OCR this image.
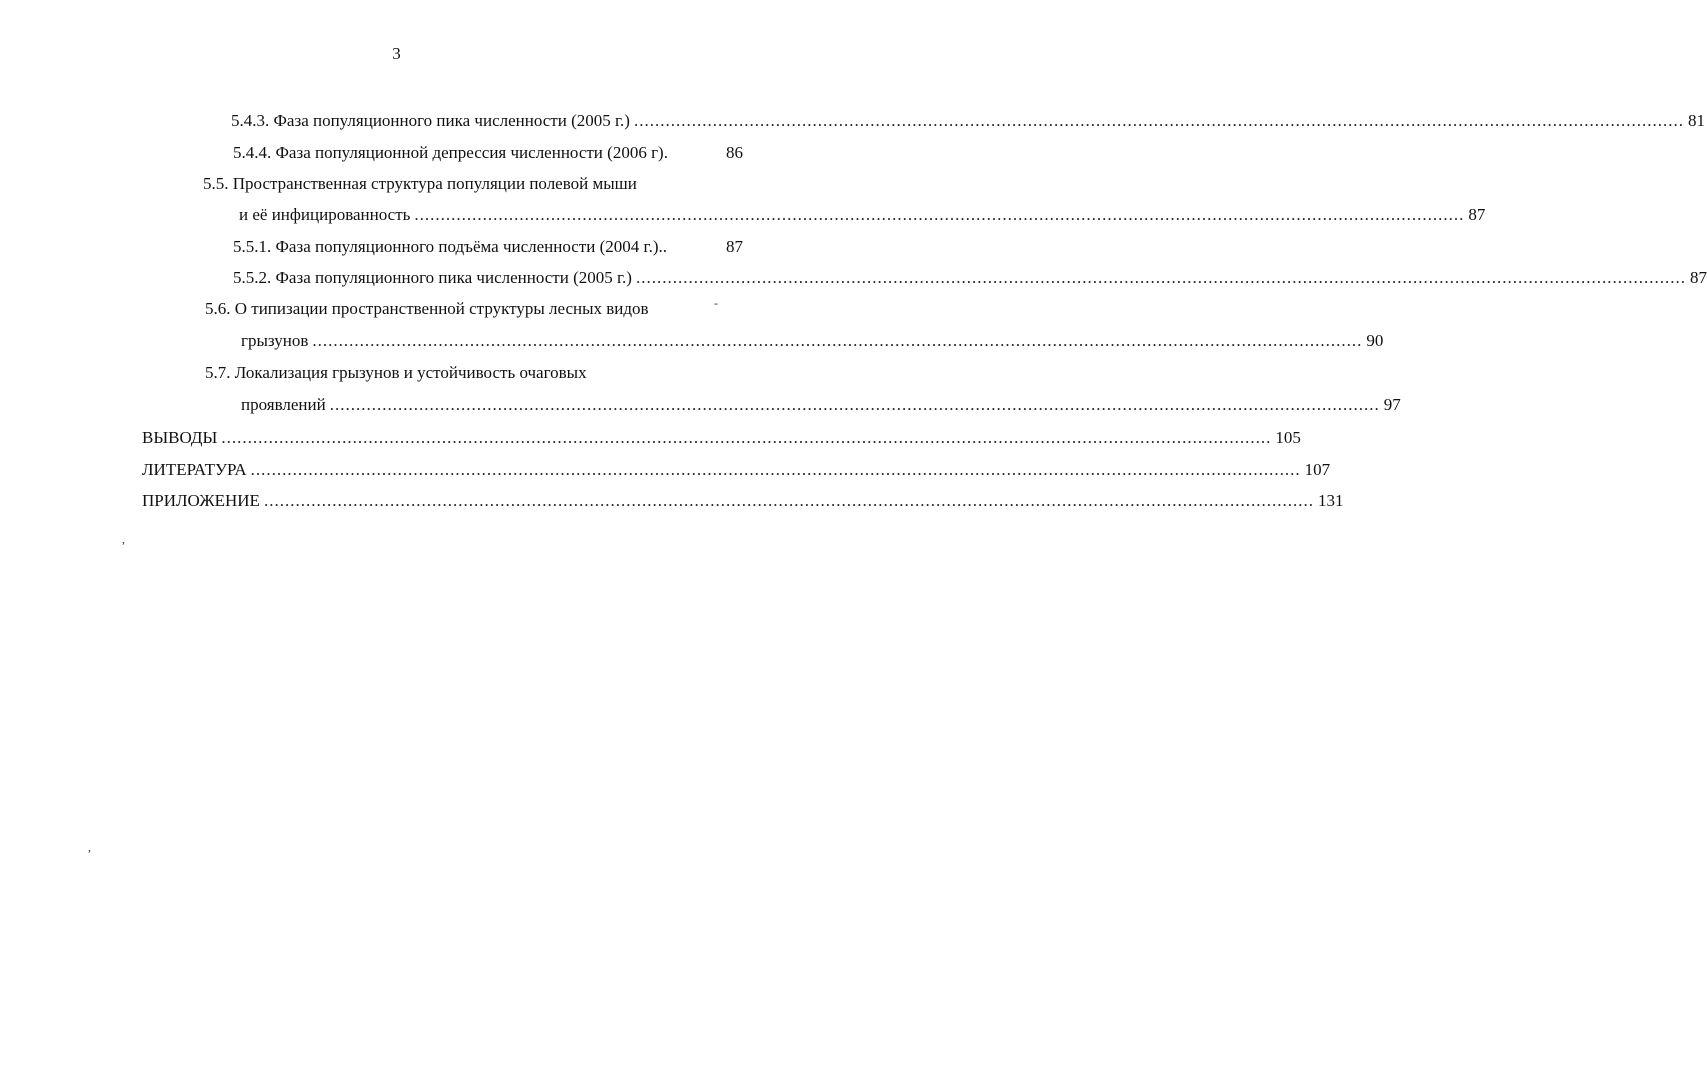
3
5.4.3. Фаза популяционного пика численности (2005 г.) .....	81
5.4.4. Фаза популяционной депрессия численности (2006 г).	86
5.5. Пространственная структура популяции полевой мыши
и её инфицированность .....	87
5.5.1. Фаза популяционного подъёма численности (2004 г.)..	87
5.5.2. Фаза популяционного пика численности (2005 г.) .....	87
5.6. О типизации пространственной структуры лесных видов
грызунов .....	90
5.7. Локализация грызунов и устойчивость очаговых
проявлений .....	97
ВЫВОДЫ .....	105
ЛИТЕРАТУРА .....	107
ПРИЛОЖЕНИЕ .....	131
-
,
,
